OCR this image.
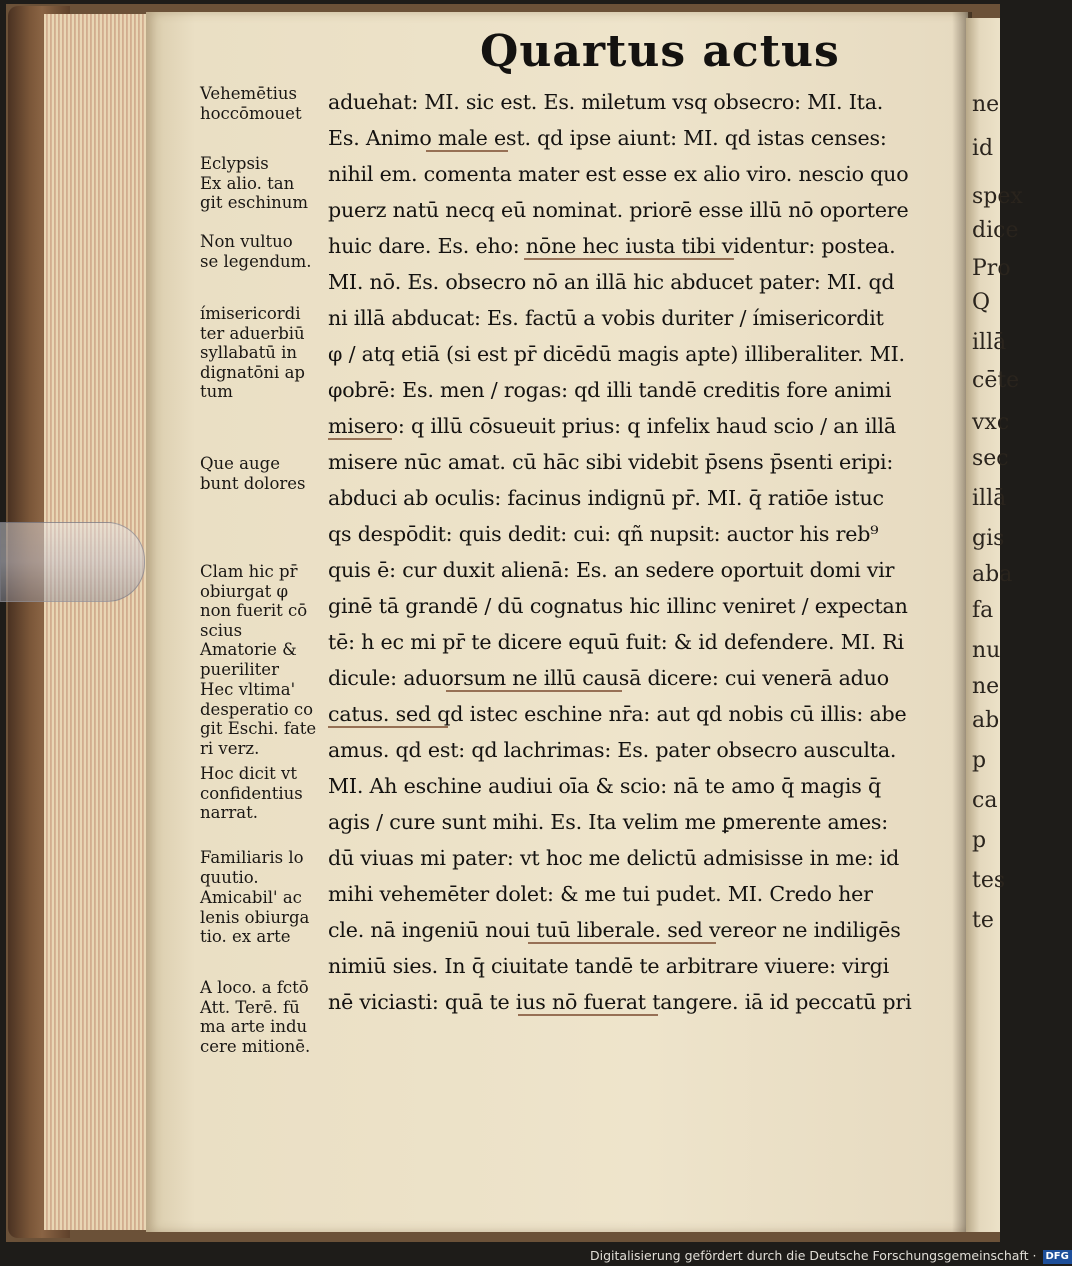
Quartus actus
ne
id
spex
dice
Pro
Q
illā
cēte
vxc
sec
illā
gis
aba
fa
nu
ne
ab
p
ca
p
tes
te
Vehemētius
hoccōmouet
Eclypsis
Ex alio. tan
git eschinum
Non vultuo
se legendum.
ímisericordi
ter aduerbiū
syllabatū in
dignatōni ap
tum
Que auge
bunt dolores
Clam hic pr̄
obiurgat φ
non fuerit cō
scius
Amatorie &
pueriliter
Hec vltima'
desperatio co
git Eschi. fate
ri verz.
Hoc dicit vt
confidentius
narrat.
Familiaris lo
quutio.
Amicabil' ac
lenis obiurga
tio. ex arte
A loco. a fctō
Att. Terē. fū
ma arte indu
cere mitionē.
aduehat: MI. sic est. Es. miletum vsq obsecro: MI. Ita.
Es. Animo male est. qd ipse aiunt: MI. qd istas censes:
nihil em. comenta mater est esse ex alio viro. nescio quo
puerz natū necq eū nominat. priorē esse illū nō oportere
huic dare. Es. eho: nōne hec iusta tibi videntur: postea.
MI. nō. Es. obsecro nō an illā hic abducet pater: MI. qd
ni illā abducat: Es. factū a vobis duriter / ímisericordit
φ / atq etiā (si est pr̄ dicēdū magis apte) illiberaliter. MI.
φobrē: Es. men / rogas: qd illi tandē creditis fore animi
misero: q illū cōsueuit prius: q infelix haud scio / an illā
misere nūc amat. cū hāc sibi videbit p̄sens p̄senti eripi:
abduci ab oculis: facinus indignū pr̄. MI. q̄ ratiōe istuc
qs despōdit: quis dedit: cui: qñ nupsit: auctor his reb⁹
quis ē: cur duxit alienā: Es. an sedere oportuit domi vir
ginē tā grandē / dū cognatus hic illinc veniret / expectan
tē: h ec mi pr̄ te dicere equū fuit: & id defendere. MI. Ri
dicule: aduorsum ne illū causā dicere: cui venerā aduo
catus. sed qd istec eschine nr̄a: aut qd nobis cū illis: abe
amus. qd est: qd lachrimas: Es. pater obsecro ausculta.
MI. Ah eschine audiui oīa & scio: nā te amo q̄ magis q̄
agis / cure sunt mihi. Es. Ita velim me ꝑmerente ames:
dū viuas mi pater: vt hoc me delictū admisisse in me: id
mihi vehemēter dolet: & me tui pudet. MI. Credo her
cle. nā ingeniū noui tuū liberale. sed vereor ne indiligēs
nimiū sies. In q̄ ciuitate tandē te arbitrare viuere: virgi
nē viciasti: quā te ius nō fuerat tangere. iā id peccatū pri
Digitalisierung gefördert durch die Deutsche Forschungsgemeinschaft · DFG
